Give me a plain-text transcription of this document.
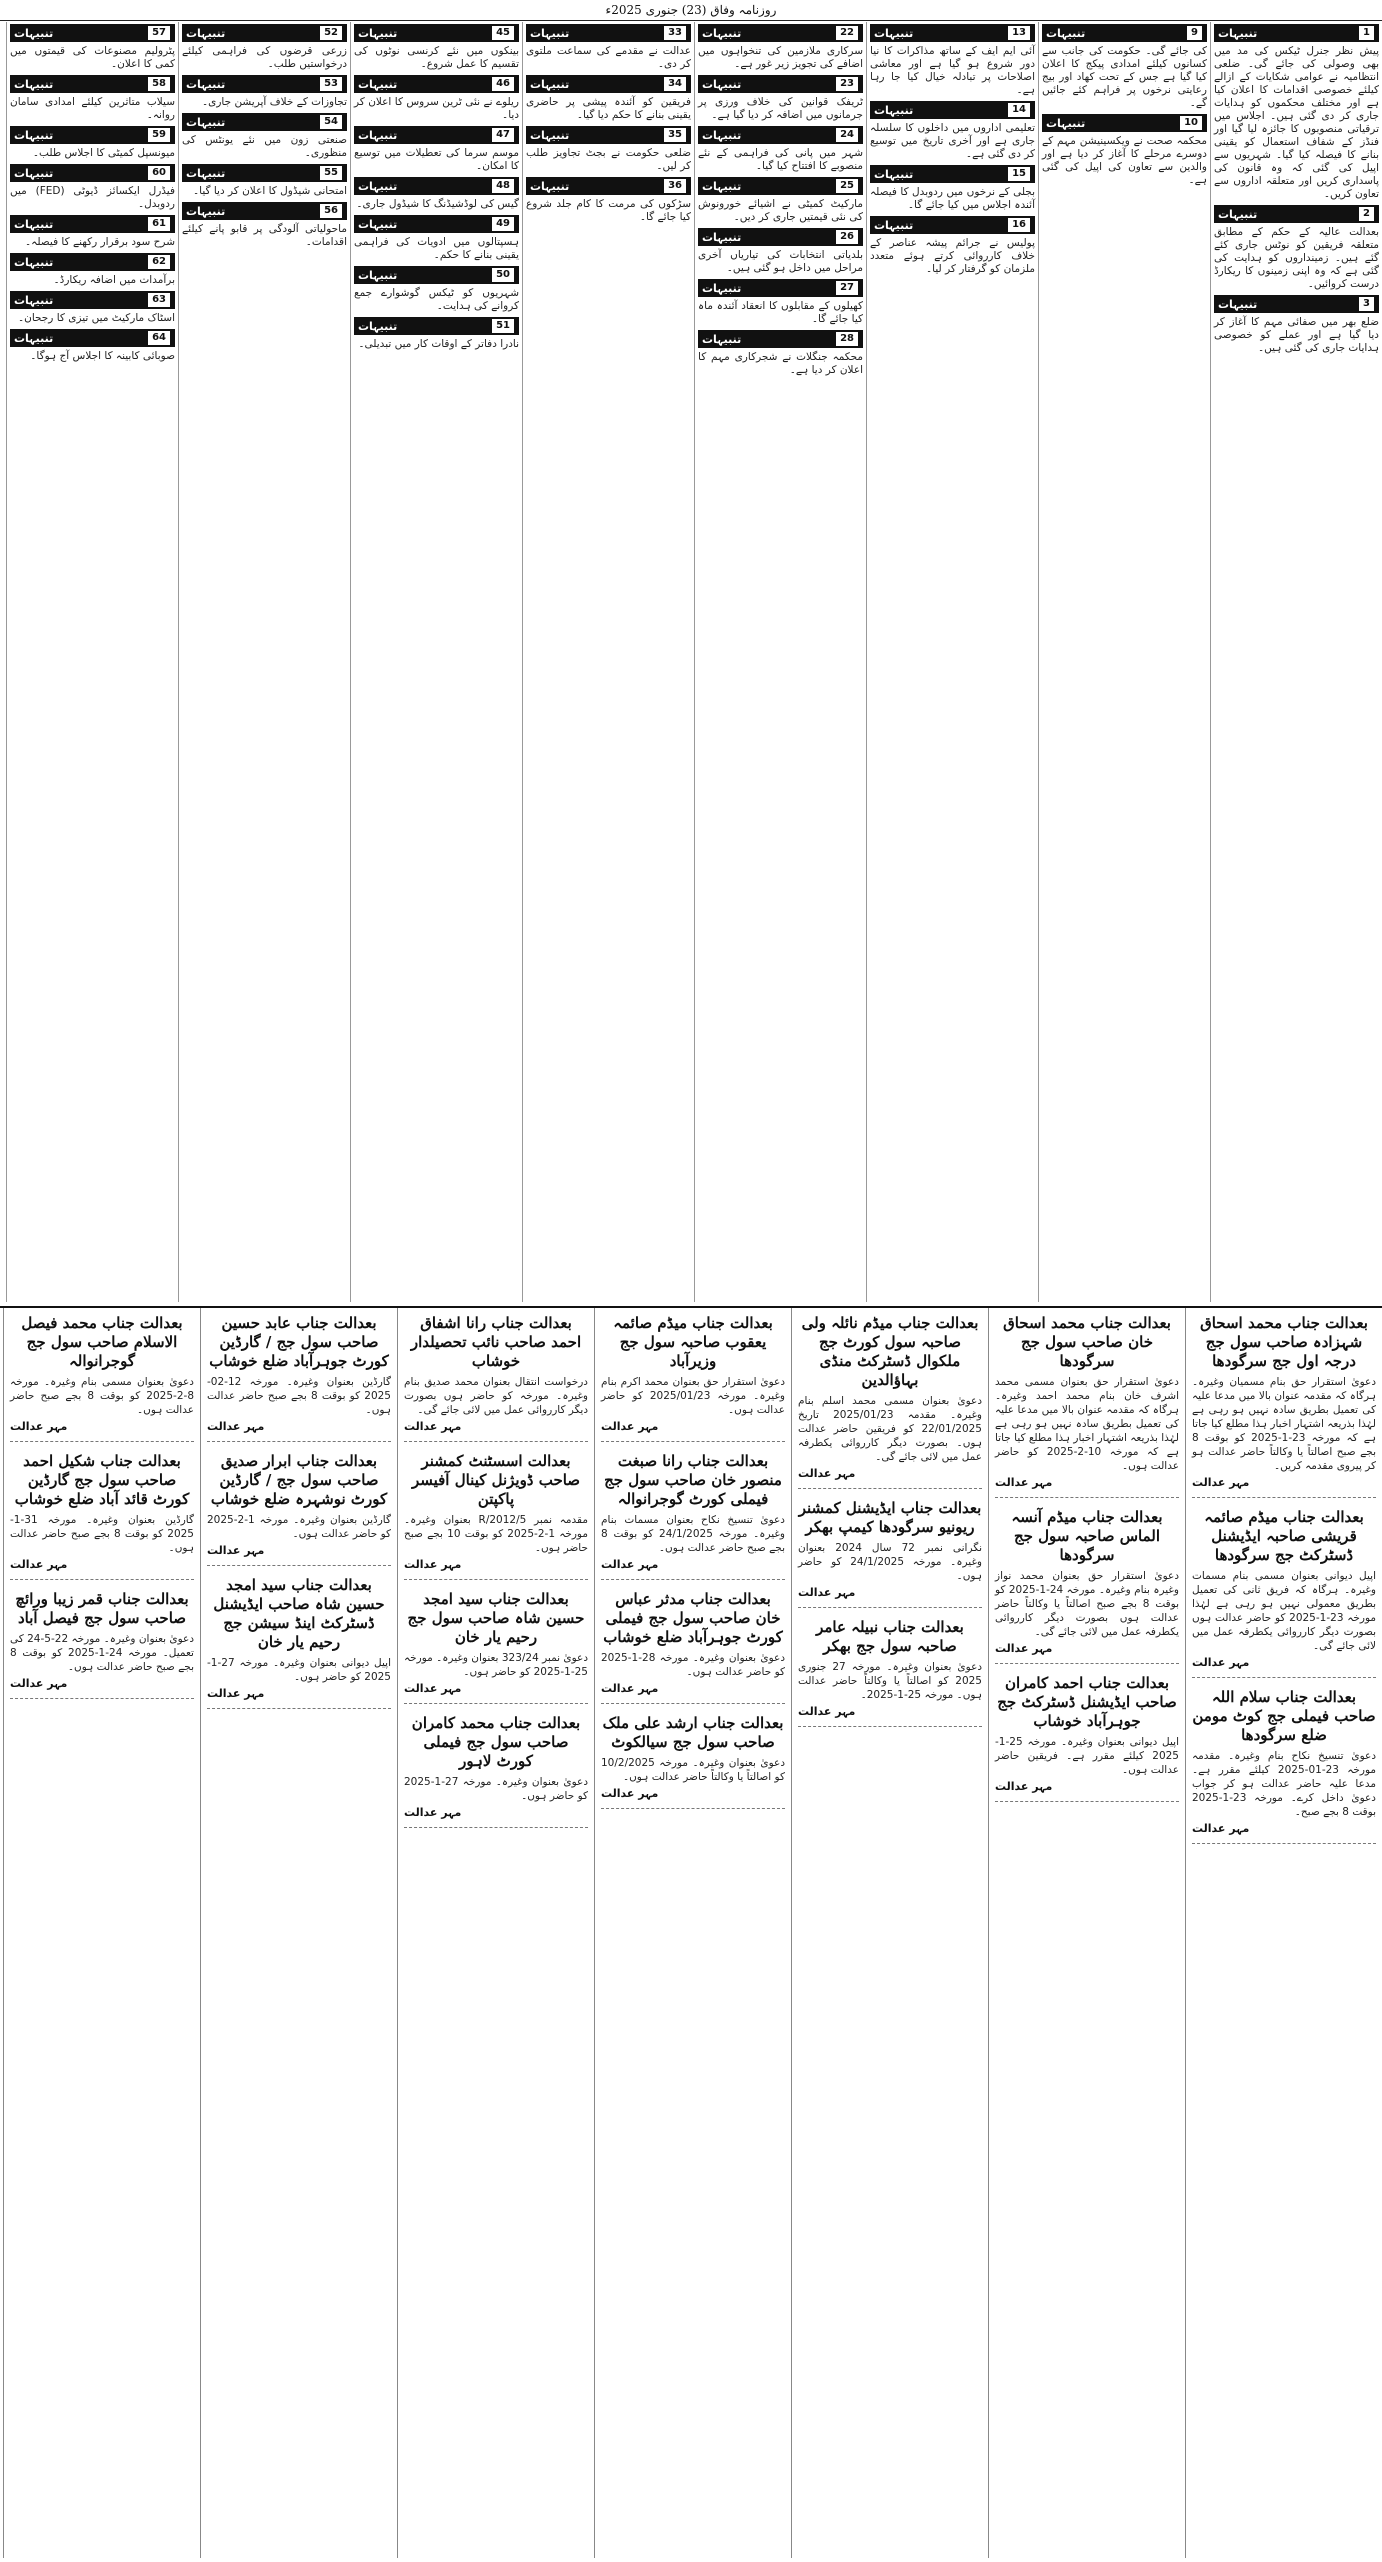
روزنامہ وفاق (23) جنوری 2025ء
1
تنبیہات
پیش نظر جنرل ٹیکس کی مد میں بھی وصولی کی جائے گی۔ ضلعی انتظامیہ نے عوامی شکایات کے ازالے کیلئے خصوصی اقدامات کا اعلان کیا ہے اور مختلف محکموں کو ہدایات جاری کر دی گئی ہیں۔ اجلاس میں ترقیاتی منصوبوں کا جائزہ لیا گیا اور فنڈز کے شفاف استعمال کو یقینی بنانے کا فیصلہ کیا گیا۔ شہریوں سے اپیل کی گئی کہ وہ قانون کی پاسداری کریں اور متعلقہ اداروں سے تعاون کریں۔
2
تنبیہات
بعدالت عالیہ کے حکم کے مطابق متعلقہ فریقین کو نوٹس جاری کئے گئے ہیں۔ زمینداروں کو ہدایت کی گئی ہے کہ وہ اپنی زمینوں کا ریکارڈ درست کروائیں۔
3
تنبیہات
ضلع بھر میں صفائی مہم کا آغاز کر دیا گیا ہے اور عملے کو خصوصی ہدایات جاری کی گئی ہیں۔
9
تنبیہات
کی جائے گی۔ حکومت کی جانب سے کسانوں کیلئے امدادی پیکج کا اعلان کیا گیا ہے جس کے تحت کھاد اور بیج رعایتی نرخوں پر فراہم کئے جائیں گے۔
10
تنبیہات
محکمہ صحت نے ویکسینیشن مہم کے دوسرے مرحلے کا آغاز کر دیا ہے اور والدین سے تعاون کی اپیل کی گئی ہے۔
13
تنبیہات
آئی ایم ایف کے ساتھ مذاکرات کا نیا دور شروع ہو گیا ہے اور معاشی اصلاحات پر تبادلہ خیال کیا جا رہا ہے۔
14
تنبیہات
تعلیمی اداروں میں داخلوں کا سلسلہ جاری ہے اور آخری تاریخ میں توسیع کر دی گئی ہے۔
15
تنبیہات
بجلی کے نرخوں میں ردوبدل کا فیصلہ آئندہ اجلاس میں کیا جائے گا۔
16
تنبیہات
پولیس نے جرائم پیشہ عناصر کے خلاف کارروائی کرتے ہوئے متعدد ملزمان کو گرفتار کر لیا۔
22
تنبیہات
سرکاری ملازمین کی تنخواہوں میں اضافے کی تجویز زیر غور ہے۔
23
تنبیہات
ٹریفک قوانین کی خلاف ورزی پر جرمانوں میں اضافہ کر دیا گیا ہے۔
24
تنبیہات
شہر میں پانی کی فراہمی کے نئے منصوبے کا افتتاح کیا گیا۔
25
تنبیہات
مارکیٹ کمیٹی نے اشیائے خورونوش کی نئی قیمتیں جاری کر دیں۔
26
تنبیہات
بلدیاتی انتخابات کی تیاریاں آخری مراحل میں داخل ہو گئی ہیں۔
27
تنبیہات
کھیلوں کے مقابلوں کا انعقاد آئندہ ماہ کیا جائے گا۔
28
تنبیہات
محکمہ جنگلات نے شجرکاری مہم کا اعلان کر دیا ہے۔
33
تنبیہات
عدالت نے مقدمے کی سماعت ملتوی کر دی۔
34
تنبیہات
فریقین کو آئندہ پیشی پر حاضری یقینی بنانے کا حکم دیا گیا۔
35
تنبیہات
ضلعی حکومت نے بجٹ تجاویز طلب کر لیں۔
36
تنبیہات
سڑکوں کی مرمت کا کام جلد شروع کیا جائے گا۔
45
تنبیہات
بینکوں میں نئے کرنسی نوٹوں کی تقسیم کا عمل شروع۔
46
تنبیہات
ریلوے نے نئی ٹرین سروس کا اعلان کر دیا۔
47
تنبیہات
موسم سرما کی تعطیلات میں توسیع کا امکان۔
48
تنبیہات
گیس کی لوڈشیڈنگ کا شیڈول جاری۔
49
تنبیہات
ہسپتالوں میں ادویات کی فراہمی یقینی بنانے کا حکم۔
50
تنبیہات
شہریوں کو ٹیکس گوشوارے جمع کروانے کی ہدایت۔
51
تنبیہات
نادرا دفاتر کے اوقات کار میں تبدیلی۔
52
تنبیہات
زرعی قرضوں کی فراہمی کیلئے درخواستیں طلب۔
53
تنبیہات
تجاوزات کے خلاف آپریشن جاری۔
54
تنبیہات
صنعتی زون میں نئے یونٹس کی منظوری۔
55
تنبیہات
امتحانی شیڈول کا اعلان کر دیا گیا۔
56
تنبیہات
ماحولیاتی آلودگی پر قابو پانے کیلئے اقدامات۔
57
تنبیہات
پٹرولیم مصنوعات کی قیمتوں میں کمی کا اعلان۔
58
تنبیہات
سیلاب متاثرین کیلئے امدادی سامان روانہ۔
59
تنبیہات
میونسپل کمیٹی کا اجلاس طلب۔
60
تنبیہات
فیڈرل ایکسائز ڈیوٹی (FED) میں ردوبدل۔
61
تنبیہات
شرح سود برقرار رکھنے کا فیصلہ۔
62
تنبیہات
برآمدات میں اضافہ ریکارڈ۔
63
تنبیہات
اسٹاک مارکیٹ میں تیزی کا رجحان۔
64
تنبیہات
صوبائی کابینہ کا اجلاس آج ہوگا۔
بعدالت جناب محمد اسحاق شہزادہ صاحب سول جج درجہ اول جج سرگودھا
دعویٰ استقرار حق بنام مسمیان وغیرہ۔ ہرگاہ کہ مقدمہ عنوان بالا میں مدعا علیہ کی تعمیل بطریق سادہ نہیں ہو رہی ہے لہٰذا بذریعہ اشتہار اخبار ہذا مطلع کیا جاتا ہے کہ مورخہ 23-1-2025 کو بوقت 8 بجے صبح اصالتاً یا وکالتاً حاضر عدالت ہو کر پیروی مقدمہ کریں۔
مہر عدالت
بعدالت جناب میڈم صائمہ قریشی صاحبہ ایڈیشنل ڈسٹرکٹ جج سرگودھا
اپیل دیوانی بعنوان مسمی بنام مسمات وغیرہ۔ ہرگاہ کہ فریق ثانی کی تعمیل بطریق معمولی نہیں ہو رہی ہے لہٰذا مورخہ 23-1-2025 کو حاضر عدالت ہوں بصورت دیگر کارروائی یکطرفہ عمل میں لائی جائے گی۔
مہر عدالت
بعدالت جناب سلام اللہ صاحب فیملی جج کوٹ مومن ضلع سرگودھا
دعویٰ تنسیخ نکاح بنام وغیرہ۔ مقدمہ مورخہ 23-01-2025 کیلئے مقرر ہے۔ مدعا علیہ حاضر عدالت ہو کر جواب دعویٰ داخل کرے۔ مورخہ 23-1-2025 بوقت 8 بجے صبح۔
مہر عدالت
بعدالت جناب محمد اسحاق خان صاحب سول جج سرگودھا
دعویٰ استقرار حق بعنوان مسمی محمد اشرف خان بنام محمد احمد وغیرہ۔ ہرگاہ کہ مقدمہ عنوان بالا میں مدعا علیہ کی تعمیل بطریق سادہ نہیں ہو رہی ہے لہٰذا بذریعہ اشتہار اخبار ہذا مطلع کیا جاتا ہے کہ مورخہ 10-2-2025 کو حاضر عدالت ہوں۔
مہر عدالت
بعدالت جناب میڈم آنسہ الماس صاحبہ سول جج سرگودھا
دعویٰ استقرار حق بعنوان محمد نواز وغیرہ بنام وغیرہ۔ مورخہ 24-1-2025 کو بوقت 8 بجے صبح اصالتاً یا وکالتاً حاضر عدالت ہوں بصورت دیگر کارروائی یکطرفہ عمل میں لائی جائے گی۔
مہر عدالت
بعدالت جناب احمد کامران صاحب ایڈیشنل ڈسٹرکٹ جج جوہرآباد خوشاب
اپیل دیوانی بعنوان وغیرہ۔ مورخہ 25-1-2025 کیلئے مقرر ہے۔ فریقین حاضر عدالت ہوں۔
مہر عدالت
بعدالت جناب میڈم نائلہ ولی صاحبہ سول کورٹ جج ملکوال ڈسٹرکٹ منڈی بہاؤالدین
دعویٰ بعنوان مسمی محمد اسلم بنام وغیرہ۔ مقدمہ 2025/01/23 تاریخ 22/01/2025 کو فریقین حاضر عدالت ہوں۔ بصورت دیگر کارروائی یکطرفہ عمل میں لائی جائے گی۔
مہر عدالت
بعدالت جناب ایڈیشنل کمشنر ریونیو سرگودھا کیمپ بھکر
نگرانی نمبر 72 سال 2024 بعنوان وغیرہ۔ مورخہ 24/1/2025 کو حاضر ہوں۔
مہر عدالت
بعدالت جناب نبیلہ عامر صاحبہ سول جج بھکر
دعویٰ بعنوان وغیرہ۔ مورخہ 27 جنوری 2025 کو اصالتاً یا وکالتاً حاضر عدالت ہوں۔ مورخہ 25-1-2025۔
مہر عدالت
بعدالت جناب میڈم صائمہ یعقوب صاحبہ سول جج وزیرآباد
دعویٰ استقرار حق بعنوان محمد اکرم بنام وغیرہ۔ مورخہ 2025/01/23 کو حاضر عدالت ہوں۔
مہر عدالت
بعدالت جناب رانا صبغت منصور خان صاحب سول جج فیملی کورٹ گوجرانوالہ
دعویٰ تنسیخ نکاح بعنوان مسمات بنام وغیرہ۔ مورخہ 24/1/2025 کو بوقت 8 بجے صبح حاضر عدالت ہوں۔
مہر عدالت
بعدالت جناب مدثر عباس خان صاحب سول جج فیملی کورٹ جوہرآباد ضلع خوشاب
دعویٰ بعنوان وغیرہ۔ مورخہ 28-1-2025 کو حاضر عدالت ہوں۔
مہر عدالت
بعدالت جناب ارشد علی ملک صاحب سول جج سیالکوٹ
دعویٰ بعنوان وغیرہ۔ مورخہ 10/2/2025 کو اصالتاً یا وکالتاً حاضر عدالت ہوں۔
مہر عدالت
بعدالت جناب رانا اشفاق احمد صاحب نائب تحصیلدار خوشاب
درخواست انتقال بعنوان محمد صدیق بنام وغیرہ۔ مورخہ کو حاضر ہوں بصورت دیگر کارروائی عمل میں لائی جائے گی۔
مہر عدالت
بعدالت اسسٹنٹ کمشنر صاحب ڈویژنل کینال آفیسر پاکپتن
مقدمہ نمبر 2012/5/R بعنوان وغیرہ۔ مورخہ 1-2-2025 کو بوقت 10 بجے صبح حاضر ہوں۔
مہر عدالت
بعدالت جناب سید امجد حسین شاہ صاحب سول جج رحیم یار خان
دعویٰ نمبر 323/24 بعنوان وغیرہ۔ مورخہ 25-1-2025 کو حاضر ہوں۔
مہر عدالت
بعدالت جناب محمد کامران صاحب سول جج فیملی کورٹ لاہور
دعویٰ بعنوان وغیرہ۔ مورخہ 27-1-2025 کو حاضر ہوں۔
مہر عدالت
بعدالت جناب عابد حسین صاحب سول جج / گارڈین کورٹ جوہرآباد ضلع خوشاب
گارڈین بعنوان وغیرہ۔ مورخہ 12-02-2025 کو بوقت 8 بجے صبح حاضر عدالت ہوں۔
مہر عدالت
بعدالت جناب ابرار صدیق صاحب سول جج / گارڈین کورٹ نوشہرہ ضلع خوشاب
گارڈین بعنوان وغیرہ۔ مورخہ 1-2-2025 کو حاضر عدالت ہوں۔
مہر عدالت
بعدالت جناب سید امجد حسین شاہ صاحب ایڈیشنل ڈسٹرکٹ اینڈ سیشن جج رحیم یار خان
اپیل دیوانی بعنوان وغیرہ۔ مورخہ 27-1-2025 کو حاضر ہوں۔
مہر عدالت
بعدالت جناب محمد فیصل الاسلام صاحب سول جج گوجرانوالہ
دعویٰ بعنوان مسمی بنام وغیرہ۔ مورخہ 8-2-2025 کو بوقت 8 بجے صبح حاضر عدالت ہوں۔
مہر عدالت
بعدالت جناب شکیل احمد صاحب سول جج گارڈین کورٹ قائد آباد ضلع خوشاب
گارڈین بعنوان وغیرہ۔ مورخہ 31-1-2025 کو بوقت 8 بجے صبح حاضر عدالت ہوں۔
مہر عدالت
بعدالت جناب قمر زیبا ورائچ صاحب سول جج فیصل آباد
دعویٰ بعنوان وغیرہ۔ مورخہ 22-5-24 کی تعمیل۔ مورخہ 24-1-2025 کو بوقت 8 بجے صبح حاضر عدالت ہوں۔
مہر عدالت
